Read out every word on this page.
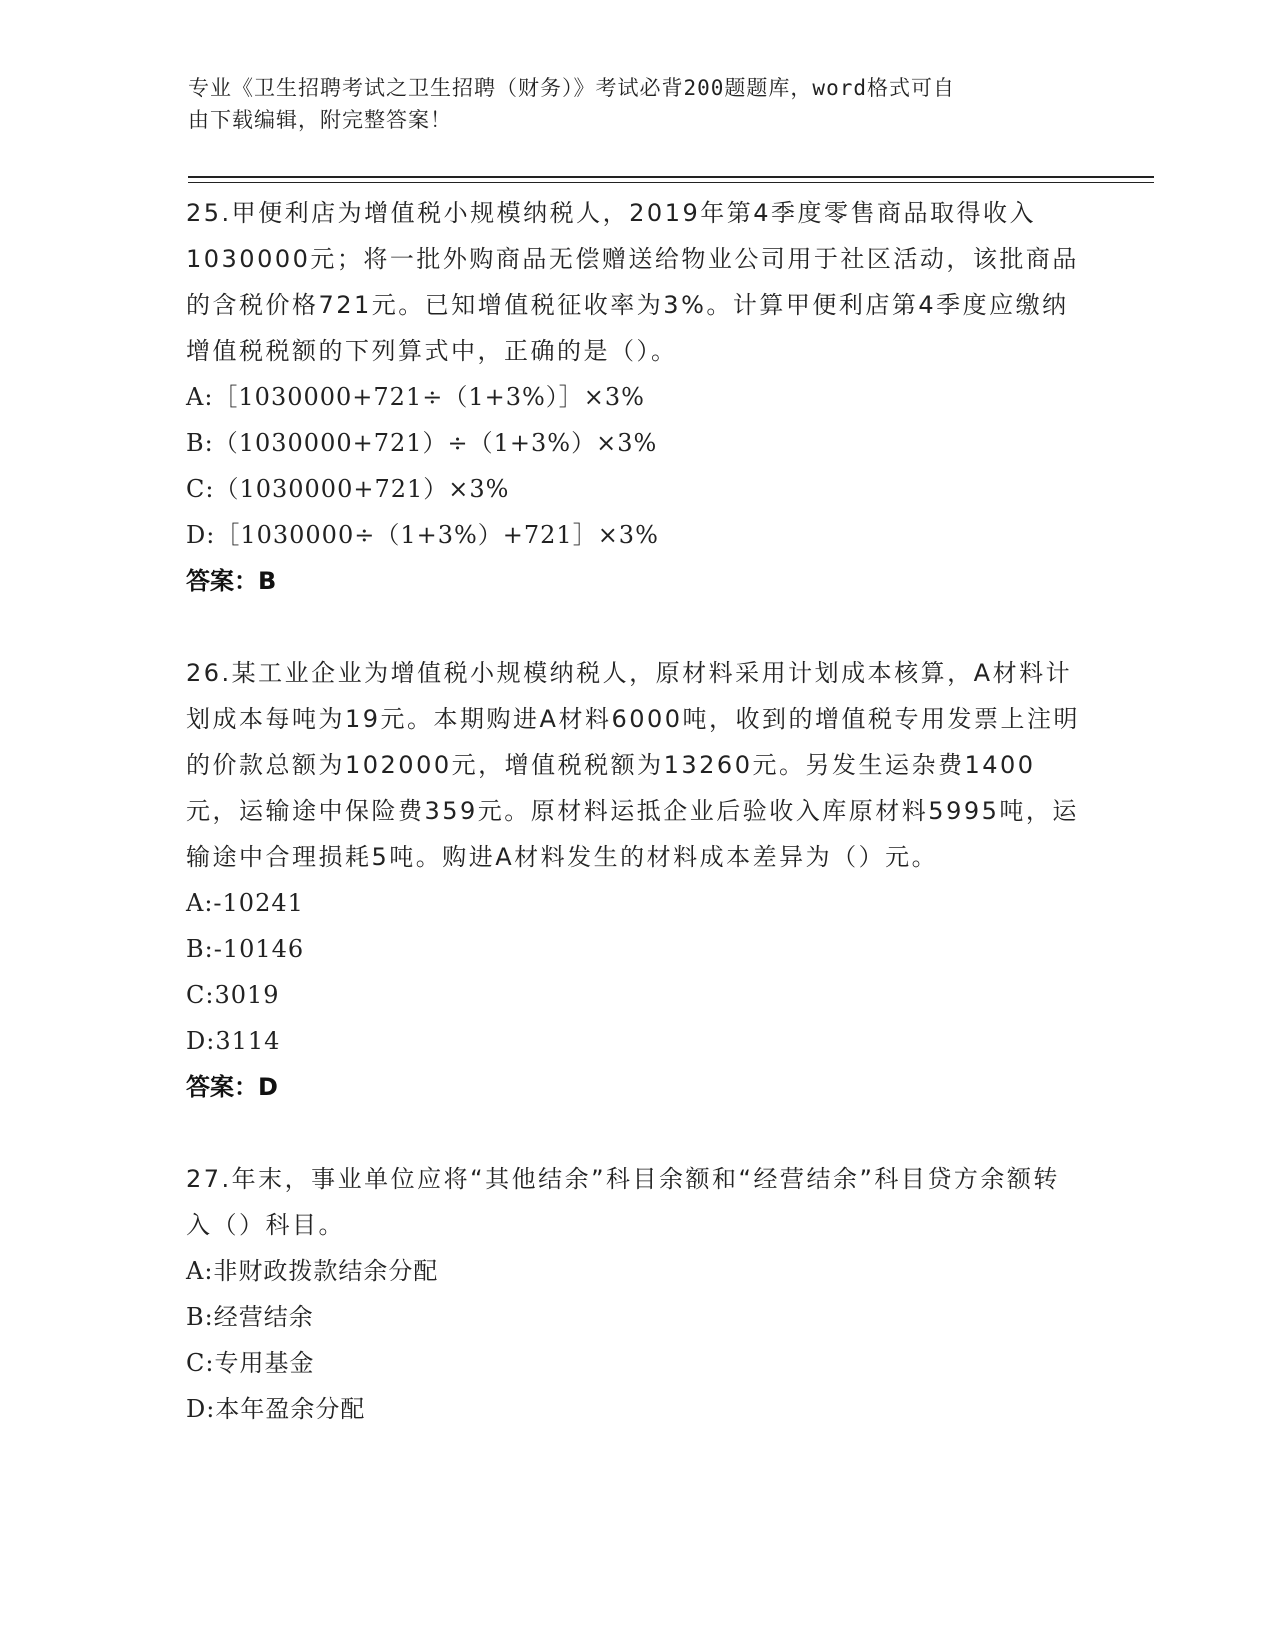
专业《卫生招聘考试之卫生招聘（财务）》考试必背200题题库，word格式可自
由下载编辑，附完整答案！
25.甲便利店为增值税小规模纳税人，2019年第4季度零售商品取得收入1030000元；将一批外购商品无偿赠送给物业公司用于社区活动，该批商品的含税价格721元。已知增值税征收率为3%。计算甲便利店第4季度应缴纳增值税税额的下列算式中，正确的是（）。
A:［1030000+721÷（1+3%）］×3%
B:（1030000+721）÷（1+3%）×3%
C:（1030000+721）×3%
D:［1030000÷（1+3%）+721］×3%
答案：B
26.某工业企业为增值税小规模纳税人，原材料采用计划成本核算，A材料计划成本每吨为19元。本期购进A材料6000吨，收到的增值税专用发票上注明的价款总额为102000元，增值税税额为13260元。另发生运杂费1400元，运输途中保险费359元。原材料运抵企业后验收入库原材料5995吨，运输途中合理损耗5吨。购进A材料发生的材料成本差异为（）元。
A:-10241
B:-10146
C:3019
D:3114
答案：D
27.年末，事业单位应将“其他结余”科目余额和“经营结余”科目贷方余额转入（）科目。
A:非财政拨款结余分配
B:经营结余
C:专用基金
D:本年盈余分配
